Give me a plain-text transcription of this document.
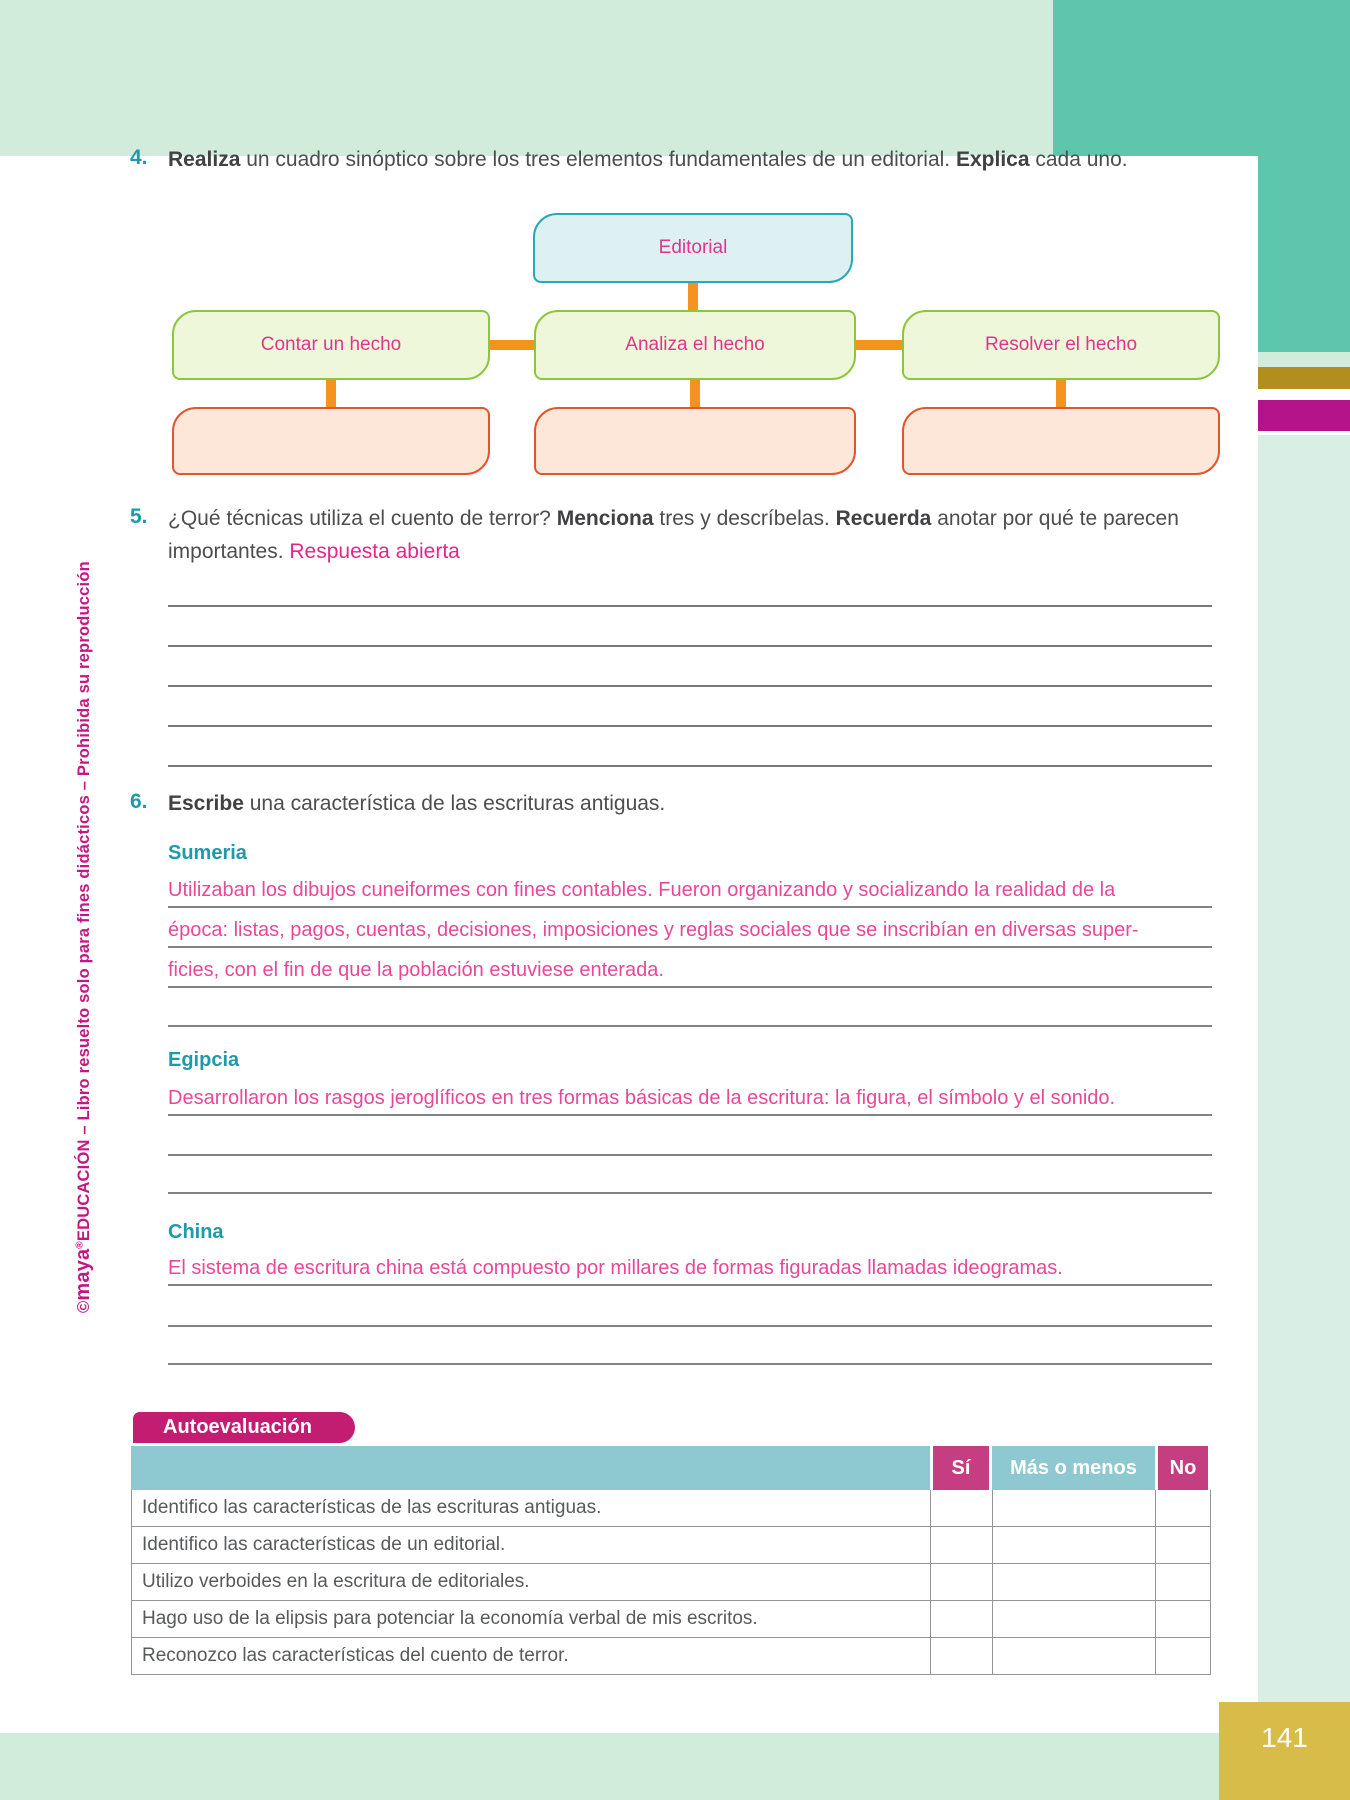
©maya®EDUCACIÓN – Libro resuelto solo para fines didácticos – Prohibida su reproducción
4. Realiza un cuadro sinóptico sobre los tres elementos fundamentales de un editorial. Explica cada uno.
Editorial
Contar un hecho	Analiza el hecho	Resolver el hecho
5. ¿Qué técnicas utiliza el cuento de terror? Menciona tres y descríbelas. Recuerda anotar por qué te parecen importantes. Respuesta abierta
6. Escribe una característica de las escrituras antiguas.
Sumeria
Utilizaban los dibujos cuneiformes con fines contables. Fueron organizando y socializando la realidad de la
época: listas, pagos, cuentas, decisiones, imposiciones y reglas sociales que se inscribían en diversas super-
ficies, con el fin de que la población estuviese enterada.
Egipcia
Desarrollaron los rasgos jeroglíficos en tres formas básicas de la escritura: la figura, el símbolo y el sonido.
China
El sistema de escritura china está compuesto por millares de formas figuradas llamadas ideogramas.
Autoevaluación
Sí	Más o menos	No
Identifico las características de las escrituras antiguas.
Identifico las características de un editorial.
Utilizo verboides en la escritura de editoriales.
Hago uso de la elipsis para potenciar la economía verbal de mis escritos.
Reconozco las características del cuento de terror.
141
